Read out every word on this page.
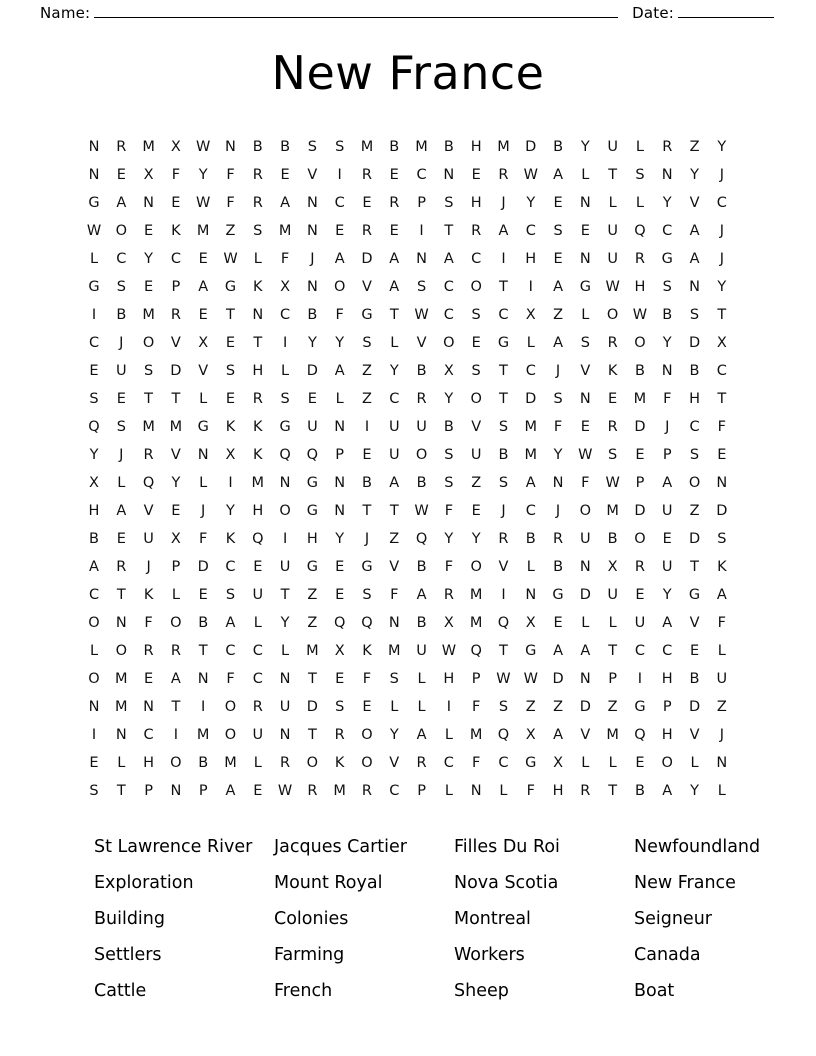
Name:	Date:
New France
N	R	M	X	W	N	B	B	S	S	M	B	M	B	H	M	D	B	Y	U	L	R	Z	Y
N	E	X	F	Y	F	R	E	V	I	R	E	C	N	E	R	W	A	L	T	S	N	Y	J
G	A	N	E	W	F	R	A	N	C	E	R	P	S	H	J	Y	E	N	L	L	Y	V	C
W O	E	K	M	Z	S	M	N	E	R	E	I	T	R	A	C	S	E	U	Q	C	A	J
L	C	Y	C	E	W	L	F	J	A	D	A	N	A	C	I	H	E	N	U	R	G	A	J
G	S	E	P	A	G	K	X	N	O	V	A	S	C	O	T	I	A	G	W	H	S	N	Y
I	B	M	R	E	T	N	C	B	F	G	T	W	C	S	C	X	Z	L	O W	B	S	T
C	J	O	V	X	E	T	I	Y	Y	S	L	V	O	E	G	L	A	S	R	O	Y	D	X
E	U	S	D	V	S	H	L	D	A	Z	Y	B	X	S	T	C	J	V	K	B	N	B	C
S	E	T	T	L	E	R	S	E	L	Z	C	R	Y	O	T	D	S	N	E	M	F	H	T
Q	S	M	M	G	K	K	G	U	N	I	U	U	B	V	S	M	F	E	R	D	J	C	F
Y	J	R	V	N	X	K	Q	Q	P	E	U	O	S	U	B	M	Y	W	S	E	P	S	E
X	L	Q	Y	L	I	M	N	G	N	B	A	B	S	Z	S	A	N	F	W	P	A	O	N
H	A	V	E	J	Y	H	O	G	N	T	T	W	F	E	J	C	J	O	M	D	U	Z	D
B	E	U	X	F	K	Q	I	H	Y	J	Z	Q	Y	Y	R	B	R	U	B	O	E	D	S
A	R	J	P	D	C	E	U	G	E	G	V	B	F	O	V	L	B	N	X	R	U	T	K
C	T	K	L	E	S	U	T	Z	E	S	F	A	R	M	I	N	G	D	U	E	Y	G	A
O	N	F	O	B	A	L	Y	Z	Q	Q	N	B	X	M	Q	X	E	L	L	U	A	V	F
L	O	R	R	T	C	C	L	M	X	K	M	U	W Q	T	G	A	A	T	C	C	E	L
O	M	E	A	N	F	C	N	T	E	F	S	L	H	P	W W	D	N	P	I	H	B	U
N	M	N	T	I	O	R	U	D	S	E	L	L	I	F	S	Z	Z	D	Z	G	P	D	Z
I	N	C	I	M	O	U	N	T	R	O	Y	A	L	M	Q	X	A	V	M	Q	H	V	J
E	L	H	O	B	M	L	R	O	K	O	V	R	C	F	C	G	X	L	L	E	O	L	N
S	T	P	N	P	A	E	W	R	M	R	C	P	L	N	L	F	H	R	T	B	A	Y	L
St Lawrence River	Jacques Cartier	Filles Du Roi	Newfoundland
Exploration	Mount Royal	Nova Scotia	New France
Building	Colonies	Montreal	Seigneur
Settlers	Farming	Workers	Canada
Cattle	French	Sheep	Boat
